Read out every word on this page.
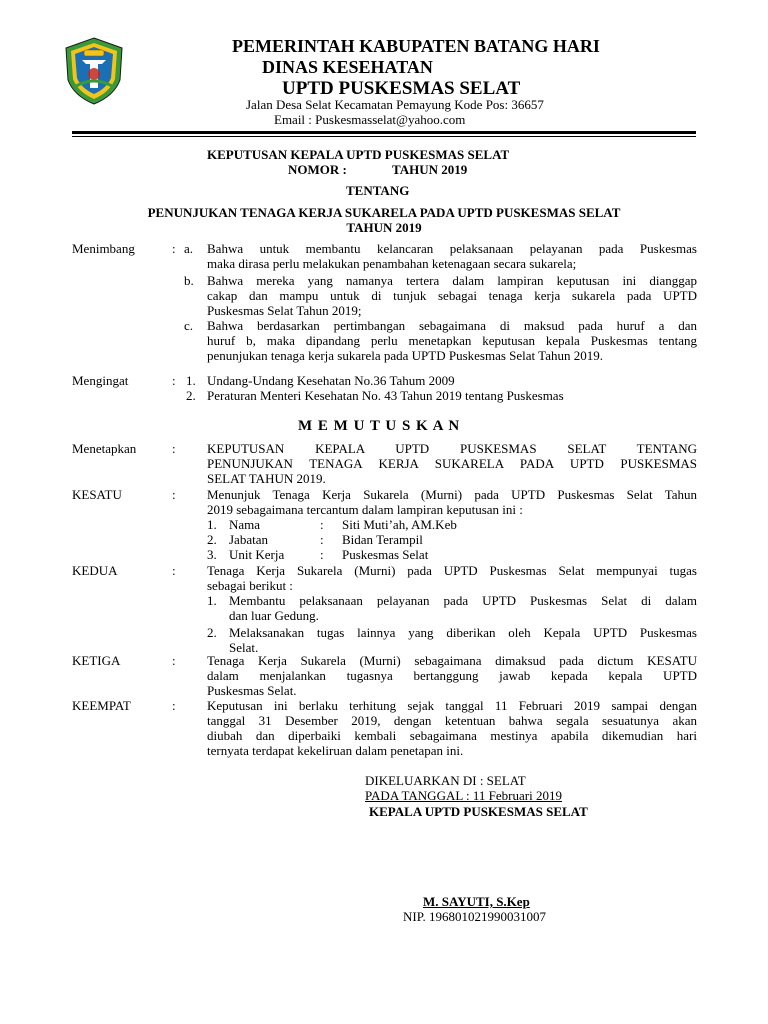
PEMERINTAH KABUPATEN BATANG HARI
DINAS KESEHATAN
UPTD PUSKESMAS SELAT
Jalan Desa Selat Kecamatan Pemayung Kode Pos: 36657
Email : Puskesmasselat@yahoo.com
KEPUTUSAN KEPALA UPTD PUSKESMAS SELAT
NOMOR :	TAHUN 2019
TENTANG
PENUNJUKAN TENAGA KERJA SUKARELA PADA UPTD PUSKESMAS SELAT
TAHUN 2019
Menimbang	: a. Bahwa untuk membantu kelancaran pelaksanaan pelayanan pada Puskesmas
maka dirasa perlu melakukan penambahan ketenagaan secara sukarela;
b. Bahwa mereka yang namanya tertera dalam lampiran keputusan ini dianggap
cakap dan mampu untuk di tunjuk sebagai tenaga kerja sukarela pada UPTD
Puskesmas Selat Tahun 2019;
c. Bahwa berdasarkan pertimbangan sebagaimana di maksud pada huruf a dan
huruf b, maka dipandang perlu menetapkan keputusan kepala Puskesmas tentang
penunjukan tenaga kerja sukarela pada UPTD Puskesmas Selat Tahun 2019.
Mengingat	: 1. Undang-Undang Kesehatan No.36 Tahum 2009
2. Peraturan Menteri Kesehatan No. 43 Tahun 2019 tentang Puskesmas
M E M U T U S K A N
Menetapkan	: KEPUTUSAN KEPALA UPTD PUSKESMAS SELAT TENTANG
PENUNJUKAN TENAGA KERJA SUKARELA PADA UPTD PUSKESMAS
SELAT TAHUN 2019.
KESATU	: Menunjuk Tenaga Kerja Sukarela (Murni) pada UPTD Puskesmas Selat Tahun
2019 sebagaimana tercantum dalam lampiran keputusan ini :
1. Nama	: Siti Muti’ah, AM.Keb
2. Jabatan	: Bidan Terampil
3. Unit Kerja	: Puskesmas Selat
KEDUA	: Tenaga Kerja Sukarela (Murni) pada UPTD Puskesmas Selat mempunyai tugas
sebagai berikut :
1. Membantu pelaksanaan pelayanan pada UPTD Puskesmas Selat di dalam
dan luar Gedung.
2. Melaksanakan tugas lainnya yang diberikan oleh Kepala UPTD Puskesmas
Selat.
KETIGA	: Tenaga Kerja Sukarela (Murni) sebagaimana dimaksud pada dictum KESATU
dalam menjalankan tugasnya bertanggung jawab kepada kepala UPTD
Puskesmas Selat.
KEEMPAT	: Keputusan ini berlaku terhitung sejak tanggal 11 Februari 2019 sampai dengan
tanggal 31 Desember 2019, dengan ketentuan bahwa segala sesuatunya akan
diubah dan diperbaiki kembali sebagaimana mestinya apabila dikemudian hari
ternyata terdapat kekeliruan dalam penetapan ini.
DIKELUARKAN DI : SELAT
PADA TANGGAL : 11 Februari 2019
KEPALA UPTD PUSKESMAS SELAT
M. SAYUTI, S.Kep
NIP. 196801021990031007
